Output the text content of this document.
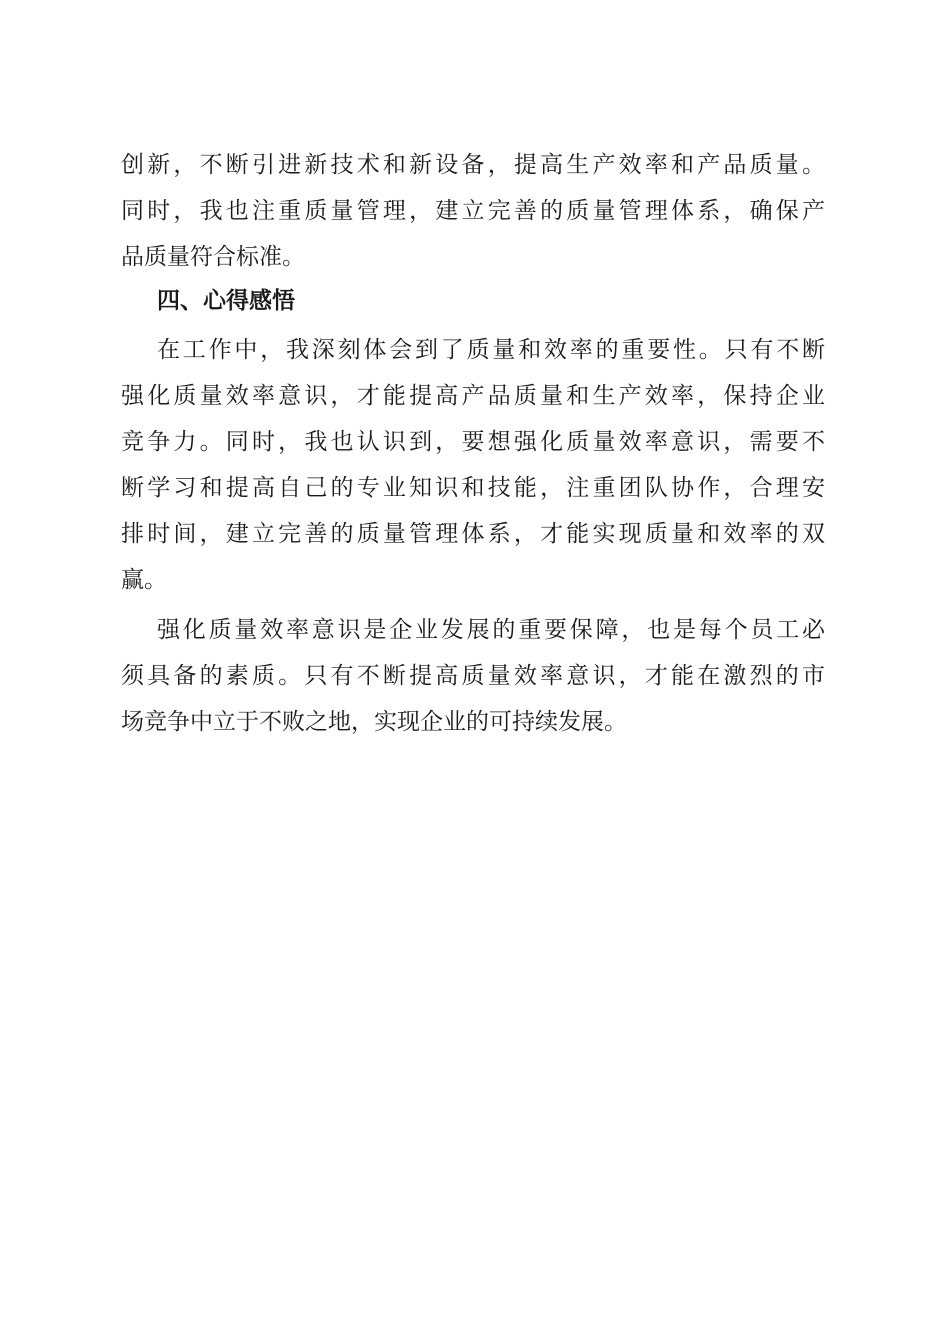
创新，不断引进新技术和新设备，提高生产效率和产品质量。
同时，我也注重质量管理，建立完善的质量管理体系，确保产
品质量符合标准。
四、心得感悟
在工作中，我深刻体会到了质量和效率的重要性。只有不断
强化质量效率意识，才能提高产品质量和生产效率，保持企业
竞争力。同时，我也认识到，要想强化质量效率意识，需要不
断学习和提高自己的专业知识和技能，注重团队协作，合理安
排时间，建立完善的质量管理体系，才能实现质量和效率的双
赢。
强化质量效率意识是企业发展的重要保障，也是每个员工必
须具备的素质。只有不断提高质量效率意识，才能在激烈的市
场竞争中立于不败之地，实现企业的可持续发展。
